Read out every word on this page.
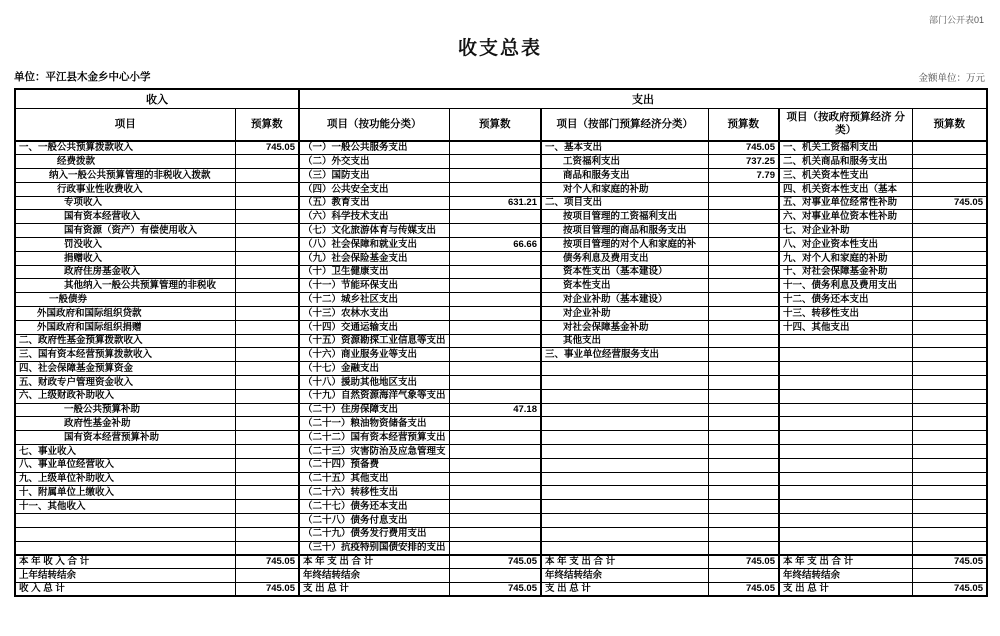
部门公开表01
收支总表
单位：平江县木金乡中心小学	金额单位：万元
收入		支出					
项目	预算数	项目（按功能分类）	预算数	项目（按部门预算经济分类）	预算数	项目（按政府预算经济 分类）	预算数
一、一般公共预算拨款收入	745.05	（一）一般公共服务支出		一、基本支出	745.05	一、机关工资福利支出	
经费拨款		（二）外交支出		工资福利支出	737.25	二、机关商品和服务支出	
纳入一般公共预算管理的非税收入拨款		（三）国防支出		商品和服务支出	7.79	三、机关资本性支出	
行政事业性收费收入		（四）公共安全支出		对个人和家庭的补助		四、机关资本性支出（基本	
专项收入		（五）教育支出	631.21	二、项目支出		五、对事业单位经常性补助	745.05
国有资本经营收入		（六）科学技术支出		按项目管理的工资福利支出		六、对事业单位资本性补助	
国有资源（资产）有偿使用收入		（七）文化旅游体育与传媒支出		按项目管理的商品和服务支出		七、对企业补助	
罚没收入		（八）社会保障和就业支出	66.66	按项目管理的对个人和家庭的补		八、对企业资本性支出	
捐赠收入		（九）社会保险基金支出		债务利息及费用支出		九、对个人和家庭的补助	
政府住房基金收入		（十）卫生健康支出		资本性支出（基本建设）		十、对社会保障基金补助	
其他纳入一般公共预算管理的非税收		（十一）节能环保支出		资本性支出		十一、债务利息及费用支出	
一般债券		（十二）城乡社区支出		对企业补助（基本建设）		十二、债务还本支出	
外国政府和国际组织贷款		（十三）农林水支出		对企业补助		十三、转移性支出	
外国政府和国际组织捐赠		（十四）交通运输支出		对社会保障基金补助		十四、其他支出	
二、政府性基金预算拨款收入		（十五）资源勘探工业信息等支出		其他支出			
三、国有资本经营预算拨款收入		（十六）商业服务业等支出		三、事业单位经营服务支出			
四、社会保障基金预算资金		（十七）金融支出					
五、财政专户管理资金收入		（十八）援助其他地区支出					
六、上级财政补助收入		（十九）自然资源海洋气象等支出					
一般公共预算补助		（二十）住房保障支出	47.18				
政府性基金补助		（二十一）粮油物资储备支出					
国有资本经营预算补助		（二十二）国有资本经营预算支出					
七、事业收入		（二十三）灾害防治及应急管理支					
八、事业单位经营收入		（二十四）预备费					
九、上级单位补助收入		（二十五）其他支出					
十、附属单位上缴收入		（二十六）转移性支出					
十一、其他收入		（二十七）债务还本支出					
		（二十八）债务付息支出					
		（二十九）债务发行费用支出					
		（三十）抗疫特别国债安排的支出					
本 年 收 入 合 计	745.05	本 年 支 出 合 计	745.05	本 年 支 出 合 计	745.05	本 年 支 出 合 计	745.05
上年结转结余		年终结转结余		年终结转结余		年终结转结余	
收 入 总 计	745.05	支 出 总 计	745.05	支 出 总 计	745.05	支 出 总 计	745.05
